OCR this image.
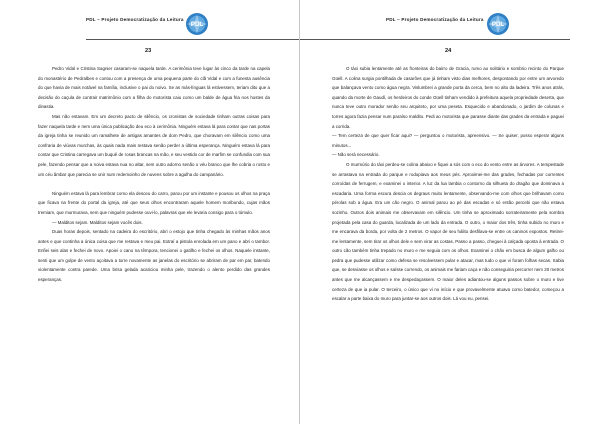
PDL – Projeto Democratização da Leitura
PDL
23

Pedro Vidal e Cristina Sagnier casaram-se naquela tarde. A cerimônia teve lugar às cinco da tarde na capela do monastério de Pedralbes e contou com a presença de uma pequena parte do clã Vidal e com a funesta ausência do que havia de mais notável na família, inclusive o pai do noivo. Se as más-línguas lá estivessem, teriam dito que a decisão do caçula de contrair matrimônio com a filha do motorista caiu como um balde de água fria nos hostes da dinastia.

Mas não estavam. Em um decreto pacto de silêncio, os cronistas de sociedade tinham outras coisas para fazer naquela tarde e nem uma única publicação deu eco à cerimônia. Ninguém estava lá para contar que nas portas da igreja tinha se reunido um ramalhete de antigas amantes de dom Pedro, que choravam em silêncio como uma confraria de viúvas murchas, às quais nada mais restava senão perder a última esperança. Ninguém estava lá para contar que Cristina carregava um buquê de rosas brancas na mão, e seu vestido cor de marfim se confundia com sua pele, fazendo pensar que a noiva estava nua no altar, sem outro adorno senão o véu branco que lhe cobria o rosto e um céu âmbar que parecia se unir num redemoinho de nuvens sobre a agulha do campanário.

Ninguém estava lá para lembrar como ela desceu do carro, parou por um instante e pousou os olhos na praça que ficava na frente do portal da igreja, até que seus olhos encontraram aquele homem moribundo, cujas mãos tremiam, que murmurava, sem que ninguém pudesse ouvi-lo, palavras que ele levaria consigo para o túmulo.

— Malditos sejam. Malditos sejam vocês dois.

Duas horas depois, sentado na cadeira do escritório, abri o estojo que tinha chegado às minhas mãos anos antes e que continha a única coisa que me restava e meu pai. Extraí a pistola enrolada em um pano e abri o tambor. Enfiei seis alas e fechei de novo. Apoiei o cano na têmpora, tencionei o gatilho e fechei os olhos. Naquele instante, senti que um golpe de vento açoitava a torre novamente as janelas do escritório se abriram de par em par, batendo violentamente contra parede. Uma brisa gelada acariciou minha pele, trazendo o alento perdido das grandes esperanças.

PDL – Projeto Democratização da Leitura
PDL
24

O táxi subia lentamente até as fronteiras do bairro de Gracia, rumo ao solitário e sombrio recinto do Parque Güell. A colina surgia pontilhada de casarões que já tinham visto dias melhores, despontando por entre um arvoredo que balançava vento como água negra. Vislumbrei a grande porta da cerca, bem no alto da ladeira. Três anos atrás, quando da morte de Gaudí, os herdeiros do conde Güell tinham vendido à prefeitura aquela propriedade deserta, que nunca teve outro morador senão seu arquiteto, por uma peseta. Esquecido e abandonado, o jardim de colunas e torres agora fazia pensar num paraíso maldito. Pedi ao motorista que parasse diante das grades da entrada e paguei a corrida.

— Tem certeza de que quer ficar aqui? — perguntou o motorista, apreensivo. — Se quiser, posso esperar alguns minutos...

— Não será necessário.

O murmúrio do táxi perdeu-se colina abaixo e fiquei a sós com o eco do vento entre as árvores. A tempestade se arrastava na entrada do parque e rodopiava aos meus pés. Aproximei-me das grades, fechadas por correntes corroídas de ferrugem, e examinei o interior. A luz da lua lambia o contorno da silhueta do dragão que dominava a escadaria. Uma forma escura descia os degraus muito lentamente, observando-me com olhos que brilhavam como pérolas sob a água. Era um cão negro. O animal parou ao pé das escadas e só então percebi que não estava sozinho. Outros dois animais me observavam em silêncio. Um tinha se aproximado sorrateiramente pela sombra projetada pela casa do guarda, localizada de um lado da entrada. O outro, o maior dos três, tinha subido no muro e me encarava da borda, por volta de 2 metros. O vapor de seu hálito desfilava-se entre os caninos expostos. Retirei-me lentamente, sem tirar os olhos dele e sem virar as costas. Passo a passo, cheguei à calçada oposta à entrada. O outro cão também tinha trepado no muro e me seguia com os olhos. Examinei o chão em busca de algum galho ou pedra que pudesse utilizar como defesa se resolvessem pular e atacar, mas tudo o que vi foram folhas secas. Sabia que, se desviasse os olhos e saísse correndo, os animais me fariam caça e não conseguiria percorrer nem 20 metros antes que me alcançassem e me despedaçassem. O maior deles adiantou-se alguns passos sobre o muro e tive certeza de que ia pular. O terceiro, o único que vi no início e que provavelmente atuava como batedor, começou a escalar a parte baixa do muro para juntar-se aos outros dois. Lá vou eu, pensei.
